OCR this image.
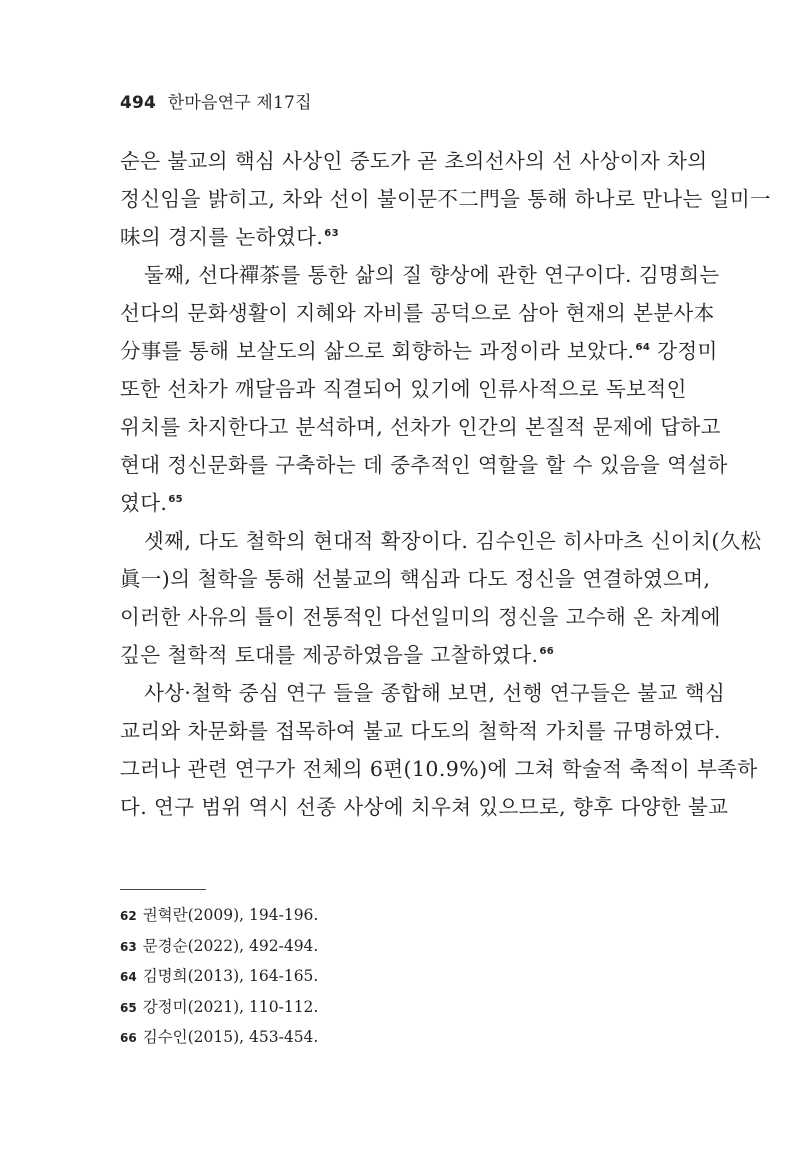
494 한마음연구 제17집
순은 불교의 핵심 사상인 중도가 곧 초의선사의 선 사상이자 차의
정신임을 밝히고, 차와 선이 불이문不二門을 통해 하나로 만나는 일미一
味의 경지를 논하였다.$^{63}$
둘째, 선다禪茶를 통한 삶의 질 향상에 관한 연구이다. 김명희는
선다의 문화생활이 지혜와 자비를 공덕으로 삼아 현재의 본분사本
分事를 통해 보살도의 삶으로 회향하는 과정이라 보았다.$^{64}$ 강정미
또한 선차가 깨달음과 직결되어 있기에 인류사적으로 독보적인
위치를 차지한다고 분석하며, 선차가 인간의 본질적 문제에 답하고
현대 정신문화를 구축하는 데 중추적인 역할을 할 수 있음을 역설하
였다.$^{65}$
셋째, 다도 철학의 현대적 확장이다. 김수인은 히사마츠 신이치(久松
眞一)의 철학을 통해 선불교의 핵심과 다도 정신을 연결하였으며,
이러한 사유의 틀이 전통적인 다선일미의 정신을 고수해 온 차계에
깊은 철학적 토대를 제공하였음을 고찰하였다.$^{66}$
사상·철학 중심 연구 들을 종합해 보면, 선행 연구들은 불교 핵심
교리와 차문화를 접목하여 불교 다도의 철학적 가치를 규명하였다.
그러나 관련 연구가 전체의 6편(10.9%)에 그쳐 학술적 축적이 부족하
다. 연구 범위 역시 선종 사상에 치우쳐 있으므로, 향후 다양한 불교
62 권혁란(2009), 194-196.
63 문경순(2022), 492-494.
64 김명희(2013), 164-165.
65 강정미(2021), 110-112.
66 김수인(2015), 453-454.
